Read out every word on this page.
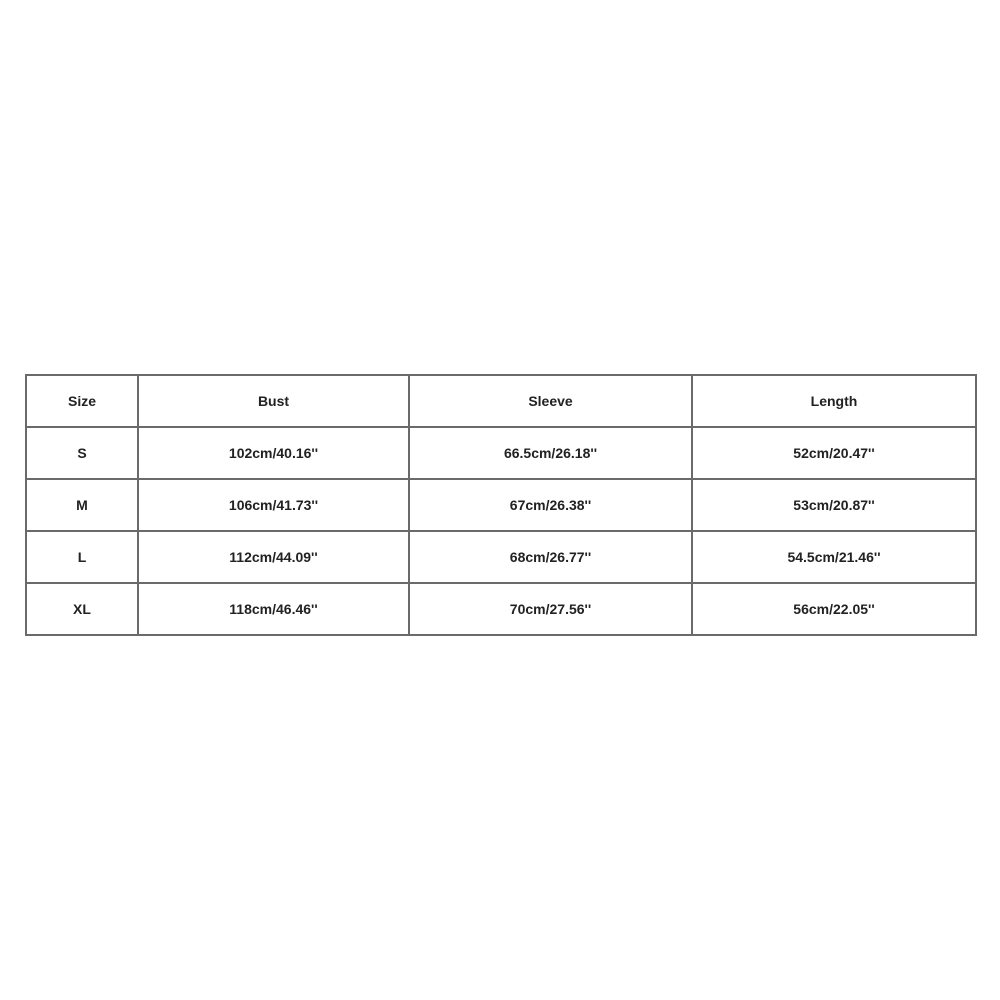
Size	Bust	Sleeve	Length
S	102cm/40.16''	66.5cm/26.18''	52cm/20.47''
M	106cm/41.73''	67cm/26.38''	53cm/20.87''
L	112cm/44.09''	68cm/26.77''	54.5cm/21.46''
XL	118cm/46.46''	70cm/27.56''	56cm/22.05''
